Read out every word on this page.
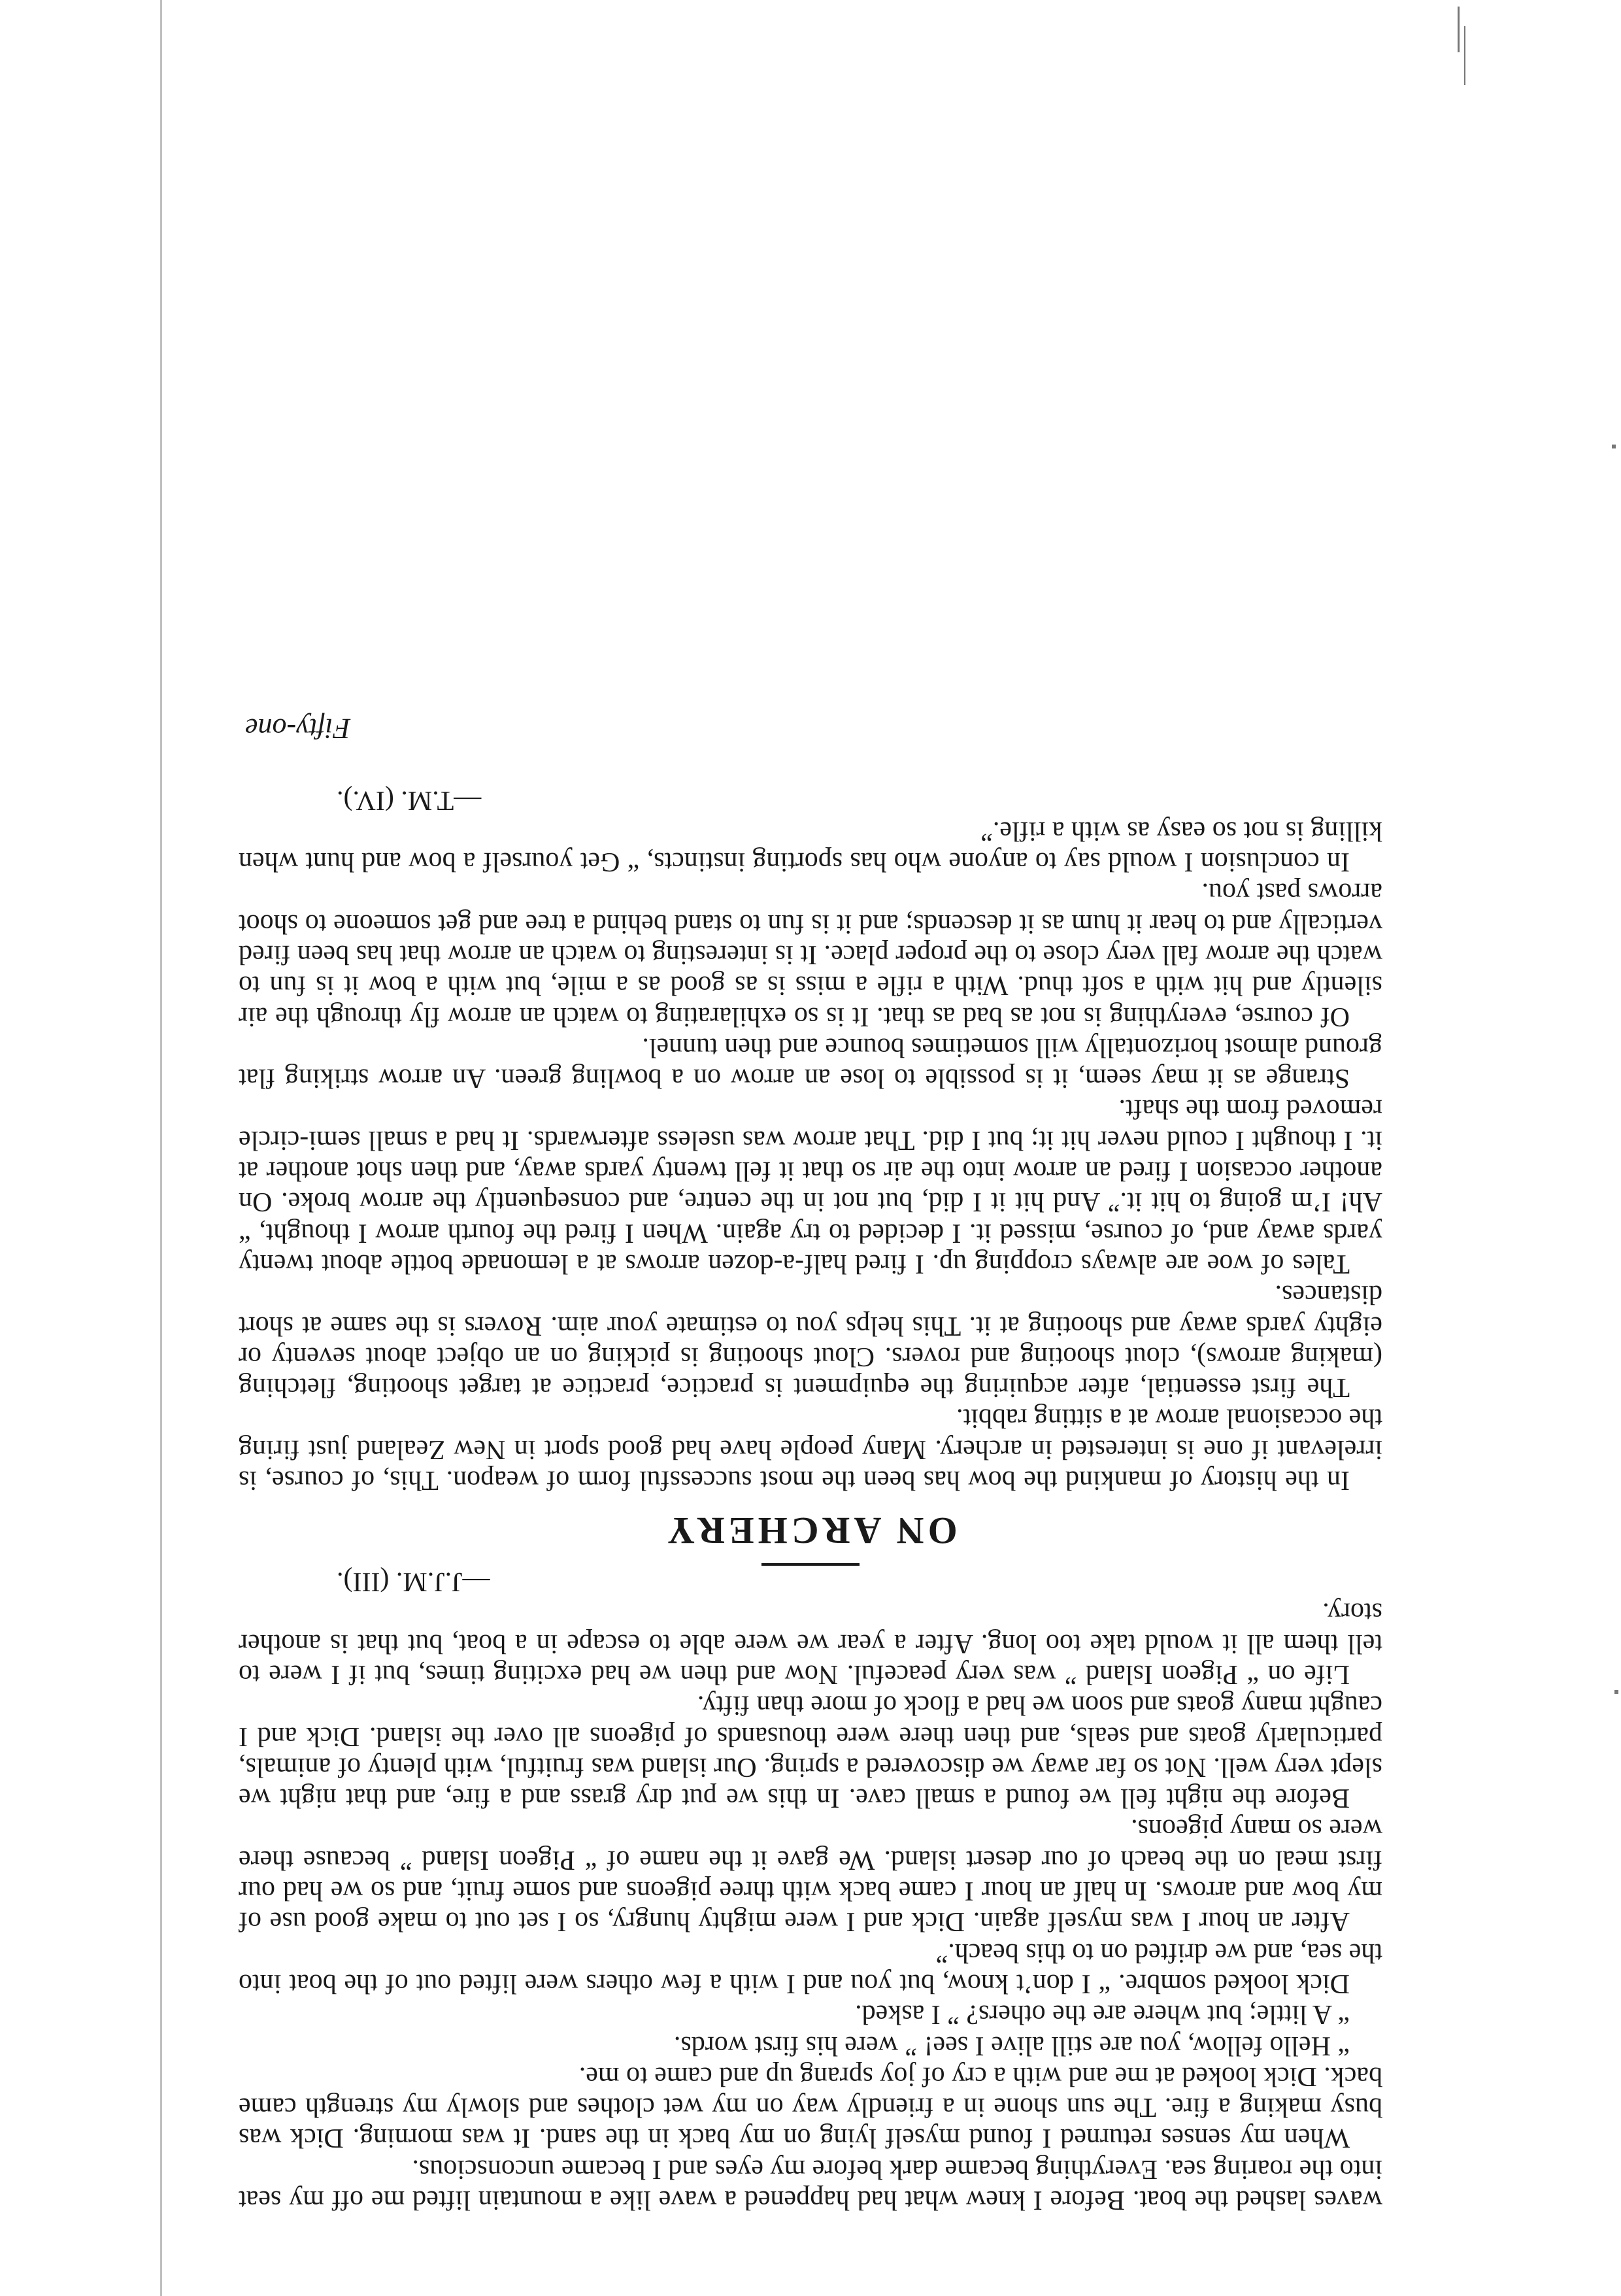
waves lashed the boat. Before I knew what had happened a wave like a mountain lifted me off my seat into the roaring sea. Everything became dark before my eyes and I became unconscious.

When my senses returned I found myself lying on my back in the sand. It was morning. Dick was busy making a fire. The sun shone in a friendly way on my wet clothes and slowly my strength came back. Dick looked at me and with a cry of joy sprang up and came to me.

“ Hello fellow, you are still alive I see! ” were his first words.

“ A little; but where are the others? ” I asked.

Dick looked sombre. “ I don’t know, but you and I with a few others were lifted out of the boat into the sea, and we drifted on to this beach.”

After an hour I was myself again. Dick and I were mighty hungry, so I set out to make good use of my bow and arrows. In half an hour I came back with three pigeons and some fruit, and so we had our first meal on the beach of our desert island. We gave it the name of “ Pigeon Island ” because there were so many pigeons.

Before the night fell we found a small cave. In this we put dry grass and a fire, and that night we slept very well. Not so far away we discovered a spring. Our island was fruitful, with plenty of animals, particularly goats and seals, and then there were thousands of pigeons all over the island. Dick and I caught many goats and soon we had a flock of more than fifty.

Life on “ Pigeon Island ” was very peaceful. Now and then we had exciting times, but if I were to tell them all it would take too long. After a year we were able to escape in a boat, but that is another story.

—J.J.M. (III).

ON ARCHERY

In the history of mankind the bow has been the most successful form of weapon. This, of course, is irrelevant if one is interested in archery. Many people have had good sport in New Zealand just firing the occasional arrow at a sitting rabbit.

The first essential, after acquiring the equipment is practice, practice at target shooting, fletching (making arrows), clout shooting and rovers. Clout shooting is picking on an object about seventy or eighty yards away and shooting at it. This helps you to estimate your aim. Rovers is the same at short distances.

Tales of woe are always cropping up. I fired half-a-dozen arrows at a lemonade bottle about twenty yards away and, of course, missed it. I decided to try again. When I fired the fourth arrow I thought, “ Ah! I’m going to hit it.” And hit it I did, but not in the centre, and consequently the arrow broke. On another occasion I fired an arrow into the air so that it fell twenty yards away, and then shot another at it. I thought I could never hit it; but I did. That arrow was useless afterwards. It had a small semi-circle removed from the shaft.

Strange as it may seem, it is possible to lose an arrow on a bowling green. An arrow striking flat ground almost horizontally will sometimes bounce and then tunnel.

Of course, everything is not as bad as that. It is so exhilarating to watch an arrow fly through the air silently and hit with a soft thud. With a rifle a miss is as good as a mile, but with a bow it is fun to watch the arrow fall very close to the proper place. It is interesting to watch an arrow that has been fired vertically and to hear it hum as it descends; and it is fun to stand behind a tree and get someone to shoot arrows past you.

In conclusion I would say to anyone who has sporting instincts, “ Get yourself a bow and hunt when killing is not so easy as with a rifle.”

—T.M. (IV.).

Fifty-one
